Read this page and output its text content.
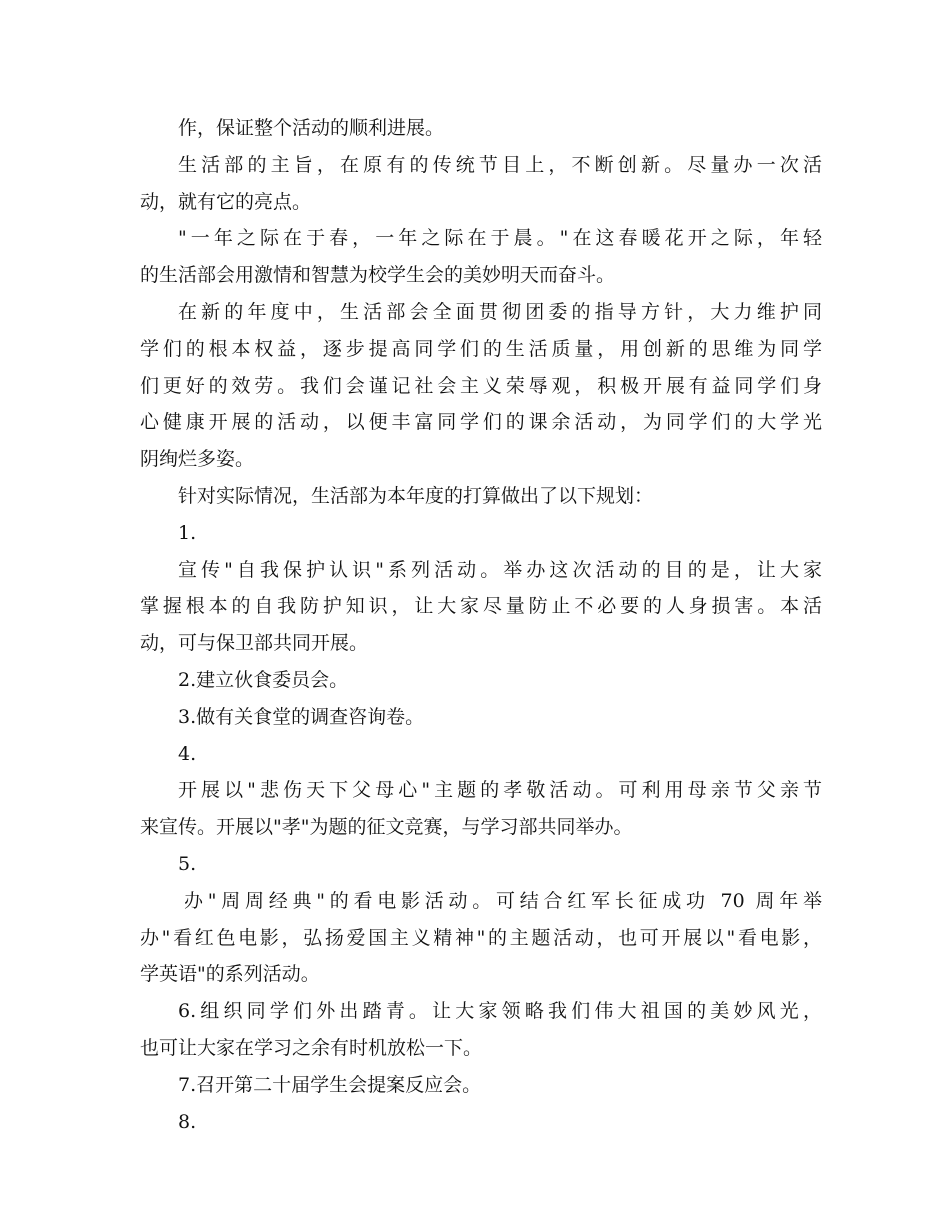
作，保证整个活动的顺利进展。

生活部的主旨，在原有的传统节目上，不断创新。尽量办一次活

动，就有它的亮点。

"一年之际在于春，一年之际在于晨。"在这春暖花开之际，年轻

的生活部会用激情和智慧为校学生会的美妙明天而奋斗。

在新的年度中，生活部会全面贯彻团委的指导方针，大力维护同

学们的根本权益，逐步提高同学们的生活质量，用创新的思维为同学

们更好的效劳。我们会谨记社会主义荣辱观，积极开展有益同学们身

心健康开展的活动，以便丰富同学们的课余活动，为同学们的大学光

阴绚烂多姿。

针对实际情况，生活部为本年度的打算做出了以下规划：

1.

宣传"自我保护认识"系列活动。举办这次活动的目的是，让大家

掌握根本的自我防护知识，让大家尽量防止不必要的人身损害。本活

动，可与保卫部共同开展。

2.建立伙食委员会。

3.做有关食堂的调查咨询卷。

4.

开展以"悲伤天下父母心"主题的孝敬活动。可利用母亲节父亲节

来宣传。开展以"孝"为题的征文竞赛，与学习部共同举办。

5.

办"周周经典"的看电影活动。可结合红军长征成功 70 周年举

办"看红色电影，弘扬爱国主义精神"的主题活动，也可开展以"看电影，

学英语"的系列活动。

6.组织同学们外出踏青。让大家领略我们伟大祖国的美妙风光，

也可让大家在学习之余有时机放松一下。

7.召开第二十届学生会提案反应会。

8.
